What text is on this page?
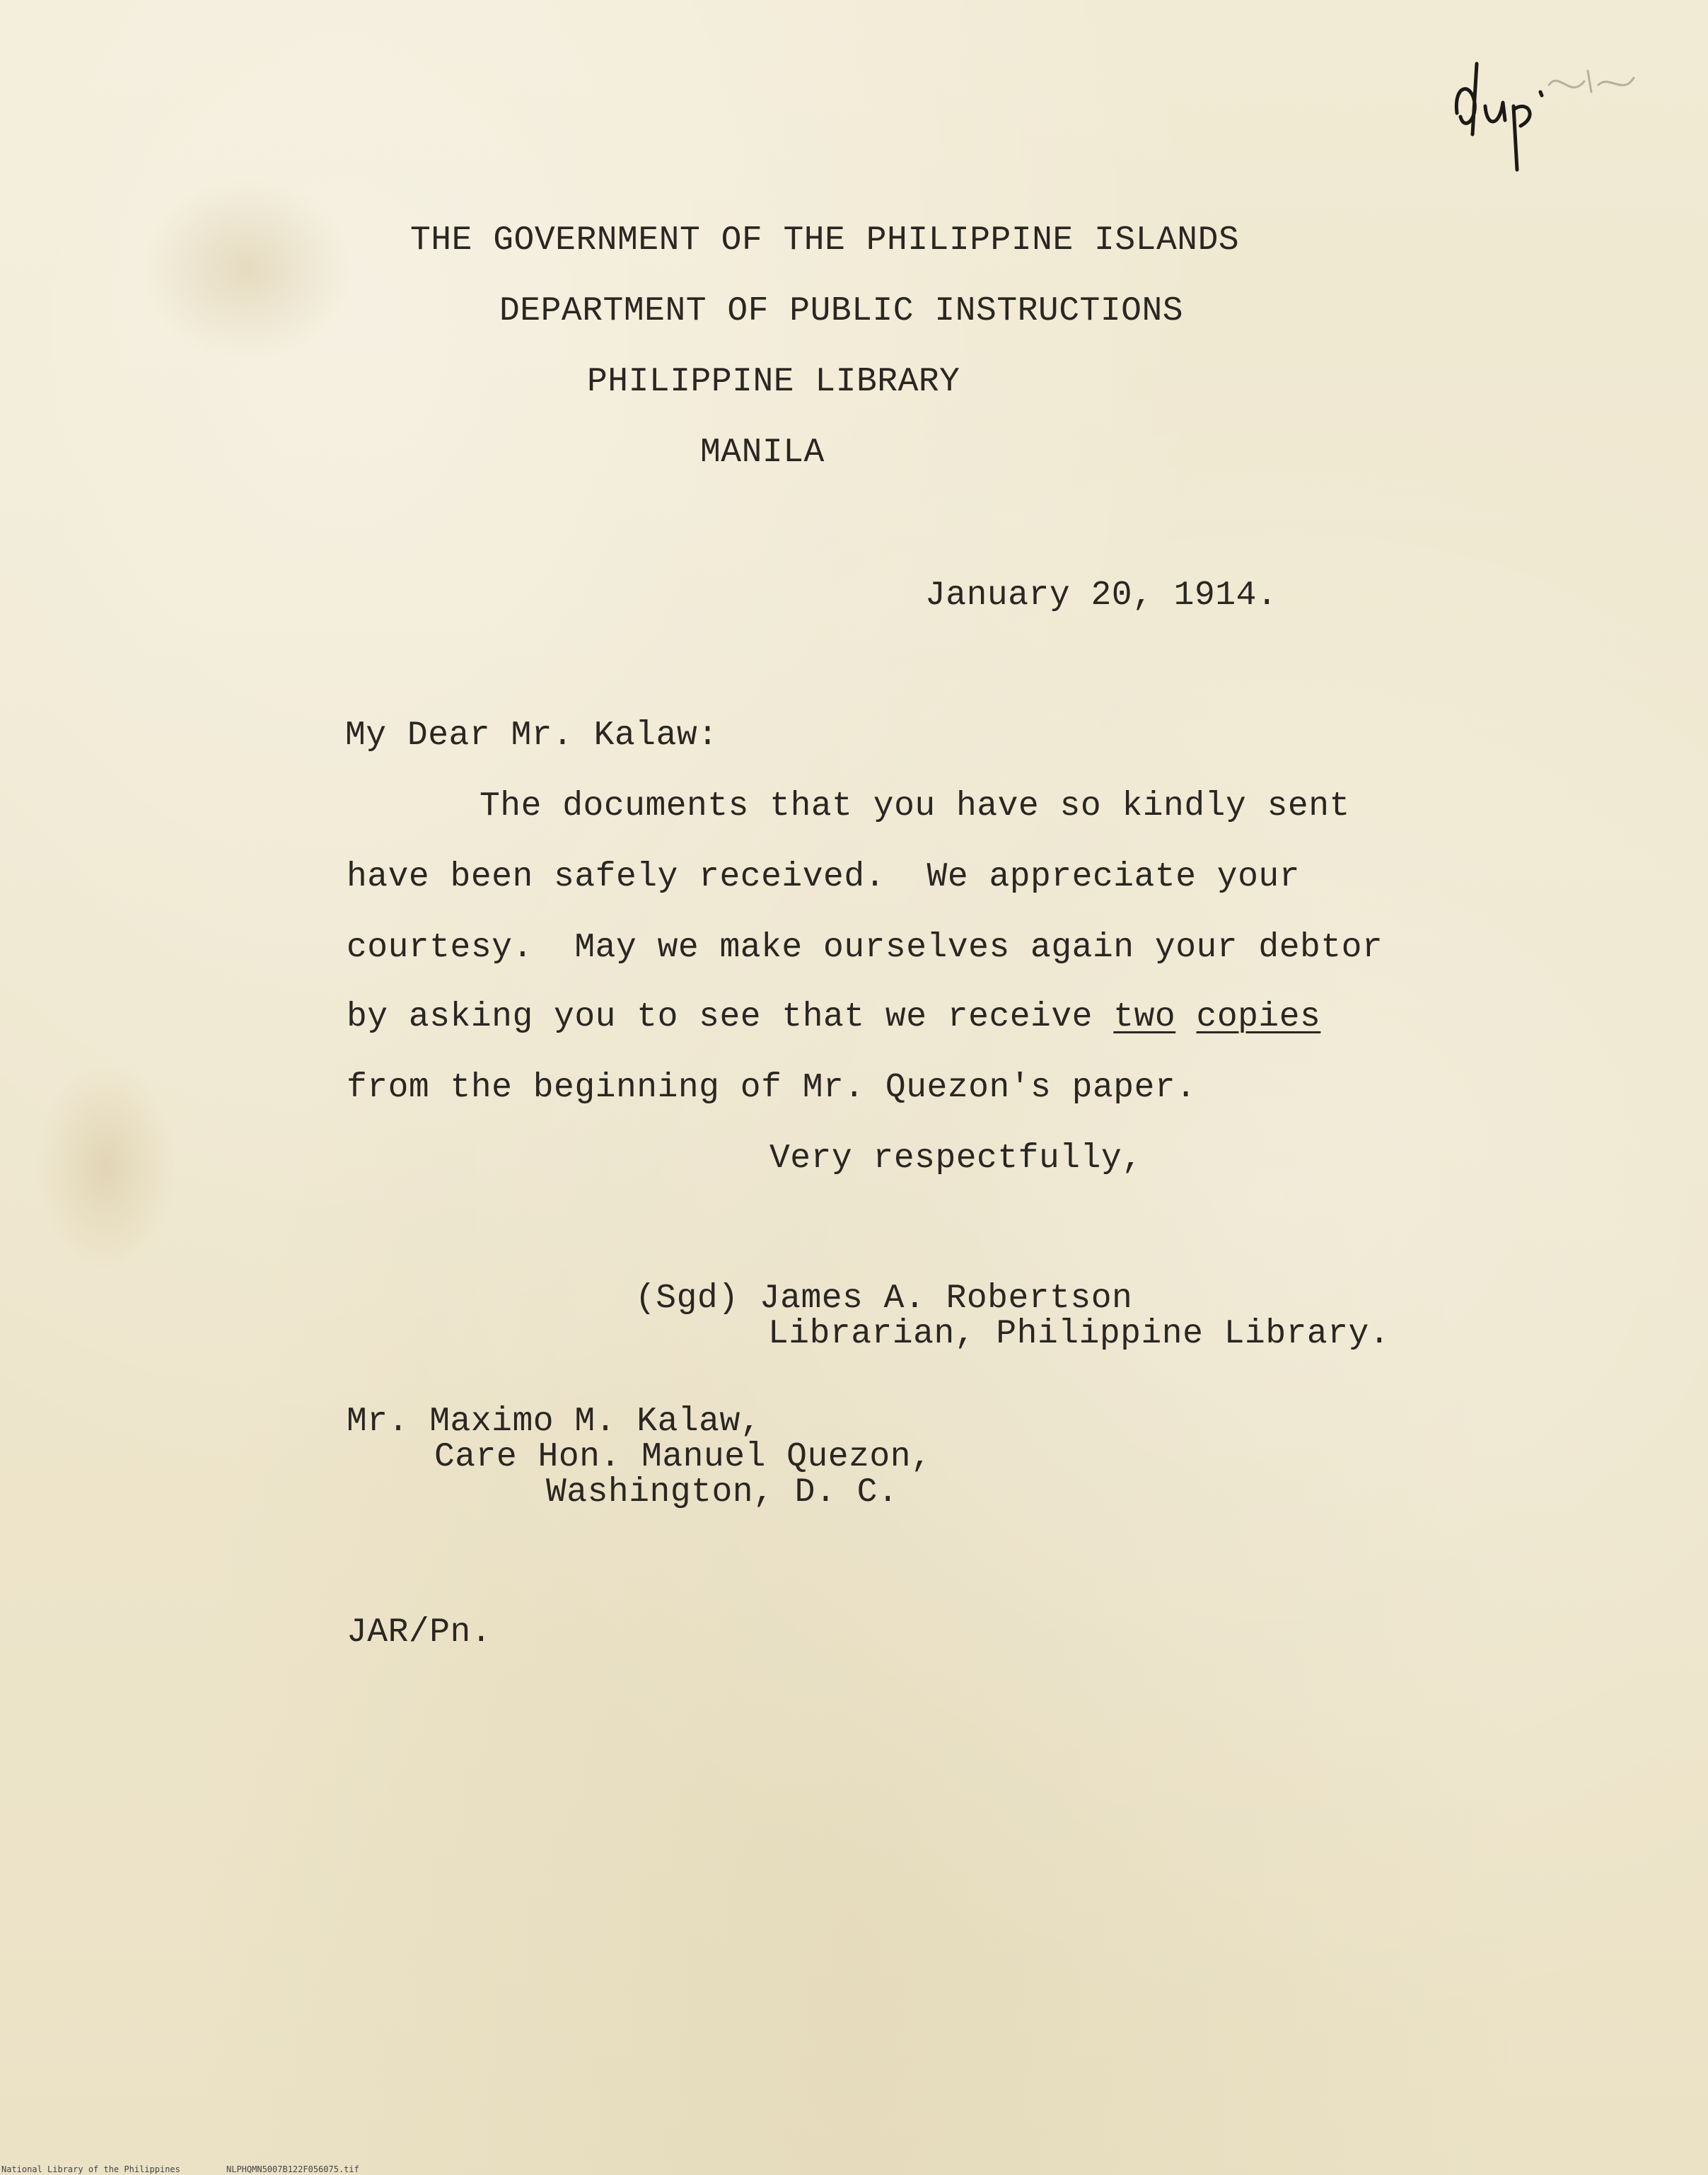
THE GOVERNMENT OF THE PHILIPPINE ISLANDS

DEPARTMENT OF PUBLIC INSTRUCTIONS

PHILIPPINE LIBRARY

MANILA

January 20, 1914.

My Dear Mr. Kalaw:

The documents that you have so kindly sent

have been safely received.  We appreciate your

courtesy.  May we make ourselves again your debtor

by asking you to see that we receive two copies

from the beginning of Mr. Quezon's paper.

Very respectfully,

(Sgd) James A. Robertson

Librarian, Philippine Library.

Mr. Maximo M. Kalaw,

Care Hon. Manuel Quezon,

Washington, D. C.

JAR/Pn.

National Library of the Philippines	NLPHQMN5007B122F056075.tif
